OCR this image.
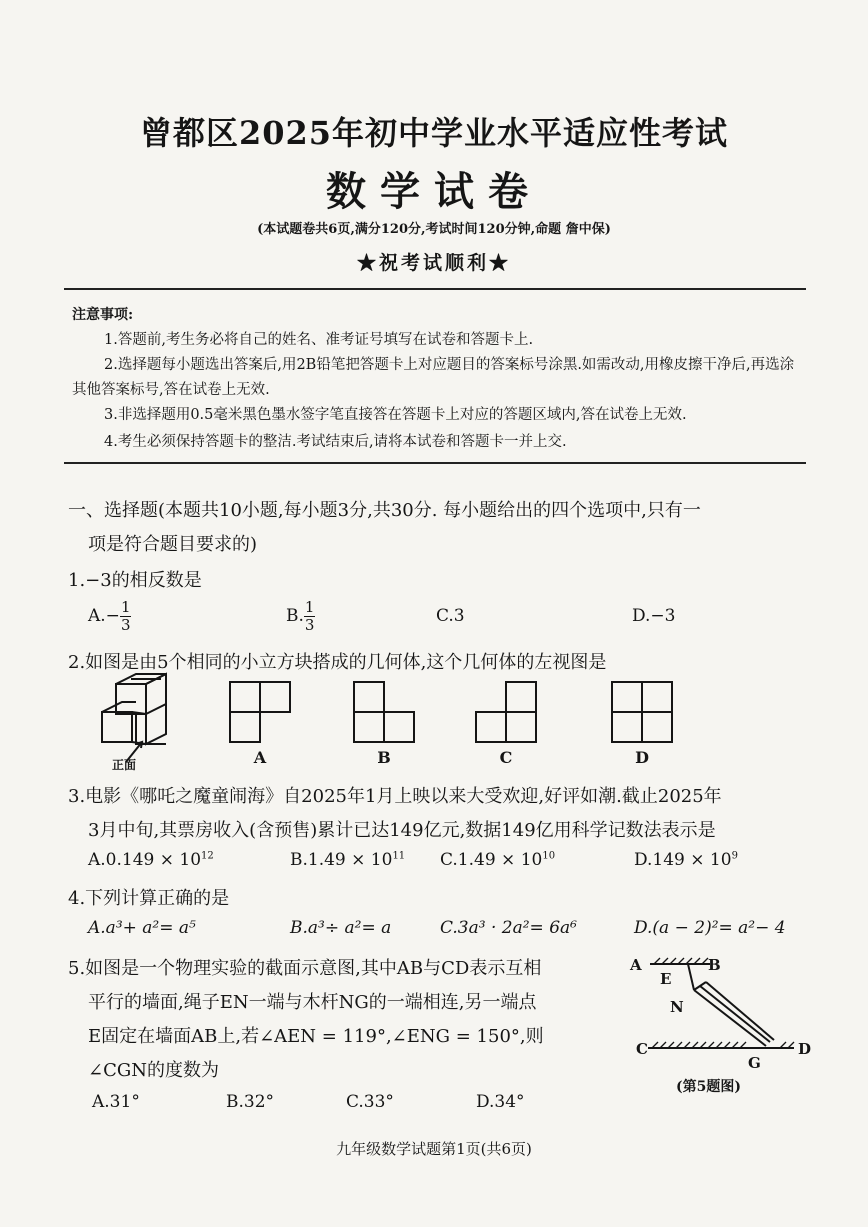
曾都区2025年初中学业水平适应性考试
数学试卷
(本试题卷共6页,满分120分,考试时间120分钟,命题 詹中保)
★祝考试顺利★
注意事项:
1.答题前,考生务必将自己的姓名、准考证号填写在试卷和答题卡上.
2.选择题每小题选出答案后,用2B铅笔把答题卡上对应题目的答案标号涂黑.如需改动,用橡皮擦干净后,再选涂其他答案标号,答在试卷上无效.
3.非选择题用0.5毫米黑色墨水签字笔直接答在答题卡上对应的答题区域内,答在试卷上无效.
4.考生必须保持答题卡的整洁.考试结束后,请将本试卷和答题卡一并上交.
一、选择题(本题共10小题,每小题3分,共30分. 每小题给出的四个选项中,只有一
项是符合题目要求的)
1.−3的相反数是
$A.- \frac{1}{3}$	B. $\frac{1}{3}$	C.3	D.−3
2.如图是由5个相同的小立方块搭成的几何体,这个几何体的左视图是
正面	A	B	C	D
3.电影《哪吒之魔童闹海》自2025年1月上映以来大受欢迎,好评如潮.截止2025年
3月中旬,其票房收入(含预售)累计已达149亿元,数据149亿用科学记数法表示是
$A.0.149 \times 10^{12}$	$B.1.49 \times 10^{11}$ $C.1.49 \times 10^{10}$	$D.149 \times 10^9$
4.下列计算正确的是
A.a³+ a²= a⁵	B.a³÷ a²= a	C.3a³ · 2a²= 6a⁶	D.(a − 2)²= a²− 4
5.如图是一个物理实验的截面示意图,其中AB与CD表示互相
平行的墙面,绳子EN一端与木杆NG的一端相连,另一端点
E固定在墙面AB上,若∠AEN = 119°,∠ENG = 150°,则
∠CGN的度数为
A.31°	B.32°	C.33°	D.34°
A	B
E
N
C	D
G
(第5题图)
九年级数学试题第1页(共6页)
